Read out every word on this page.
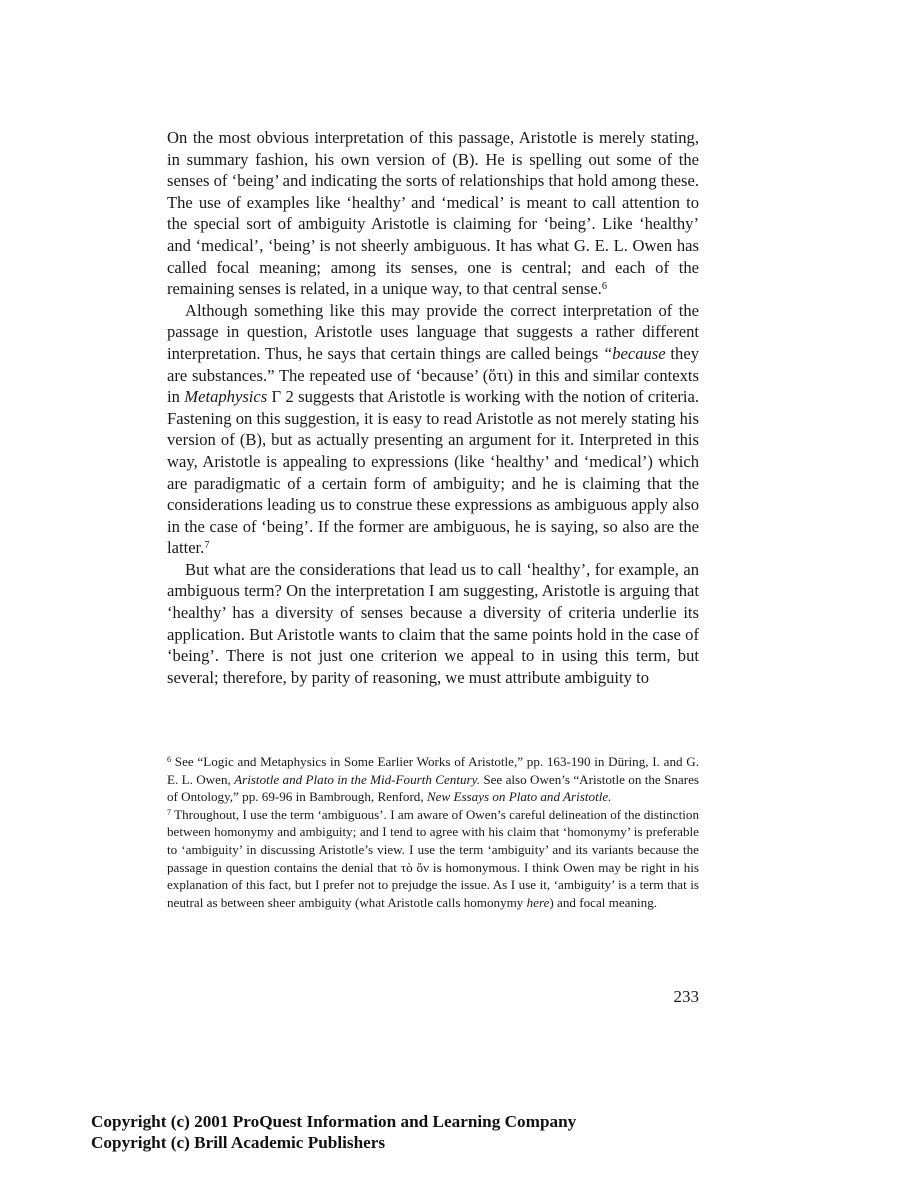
On the most obvious interpretation of this passage, Aristotle is merely stating, in summary fashion, his own version of (B). He is spelling out some of the senses of ‘being’ and indicating the sorts of relationships that hold among these. The use of examples like ‘healthy’ and ‘medical’ is meant to call attention to the special sort of ambiguity Aristotle is claiming for ‘being’. Like ‘healthy’ and ‘medical’, ‘being’ is not sheerly ambiguous. It has what G. E. L. Owen has called focal meaning; among its senses, one is central; and each of the remaining senses is related, in a unique way, to that central sense.$^6$

Although something like this may provide the correct interpretation of the passage in question, Aristotle uses language that suggests a rather different interpretation. Thus, he says that certain things are called beings “because they are substances.” The repeated use of ‘because’ (ὅτι) in this and similar contexts in Metaphysics Γ 2 suggests that Aristotle is working with the notion of criteria. Fastening on this suggestion, it is easy to read Aristotle as not merely stating his version of (B), but as actually presenting an argument for it. Interpreted in this way, Aristotle is appealing to expressions (like ‘healthy’ and ‘medical’) which are paradigmatic of a certain form of ambiguity; and he is claiming that the considerations leading us to construe these expressions as ambiguous apply also in the case of ‘being’. If the former are ambiguous, he is saying, so also are the latter.$^7$

But what are the considerations that lead us to call ‘healthy’, for example, an ambiguous term? On the interpretation I am suggesting, Aristotle is arguing that ‘healthy’ has a diversity of senses because a diversity of criteria underlie its application. But Aristotle wants to claim that the same points hold in the case of ‘being’. There is not just one criterion we appeal to in using this term, but several; therefore, by parity of reasoning, we must attribute ambiguity to

$^6$ See “Logic and Metaphysics in Some Earlier Works of Aristotle,” pp. 163-190 in Düring, I. and G. E. L. Owen, Aristotle and Plato in the Mid-Fourth Century. See also Owen’s “Aristotle on the Snares of Ontology,” pp. 69-96 in Bambrough, Renford, New Essays on Plato and Aristotle.

$^7$ Throughout, I use the term ‘ambiguous’. I am aware of Owen’s careful delineation of the distinction between homonymy and ambiguity; and I tend to agree with his claim that ‘homonymy’ is preferable to ‘ambiguity’ in discussing Aristotle’s view. I use the term ‘ambiguity’ and its variants because the passage in question contains the denial that τὸ ὄν is homonymous. I think Owen may be right in his explanation of this fact, but I prefer not to prejudge the issue. As I use it, ‘ambiguity’ is a term that is neutral as between sheer ambiguity (what Aristotle calls homonymy here) and focal meaning.

233
Copyright (c) 2001 ProQuest Information and Learning Company
Copyright (c) Brill Academic Publishers
